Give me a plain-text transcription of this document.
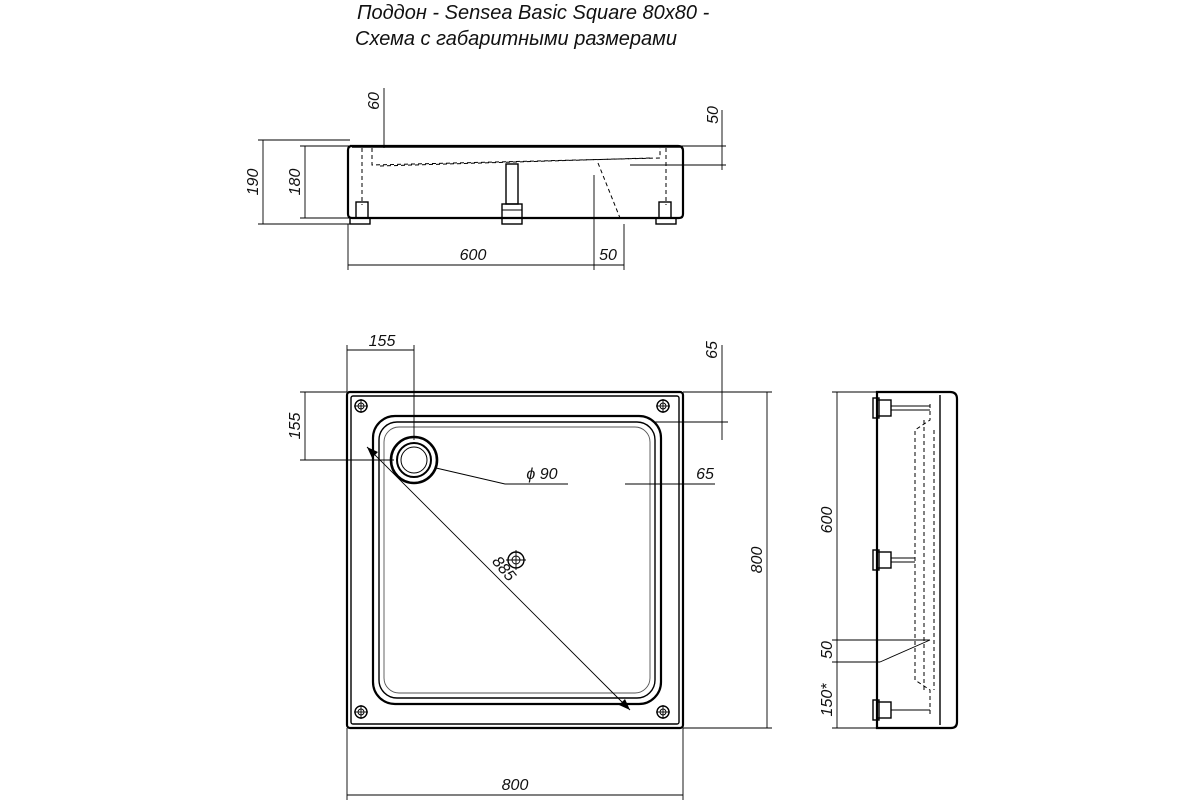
Поддон - Sensea Basic Square 80x80 -
Схема с габаритными размерами
190 180
60
50
600	50
885
155
155
65
65
ϕ 90
800
800
600
50
150*
